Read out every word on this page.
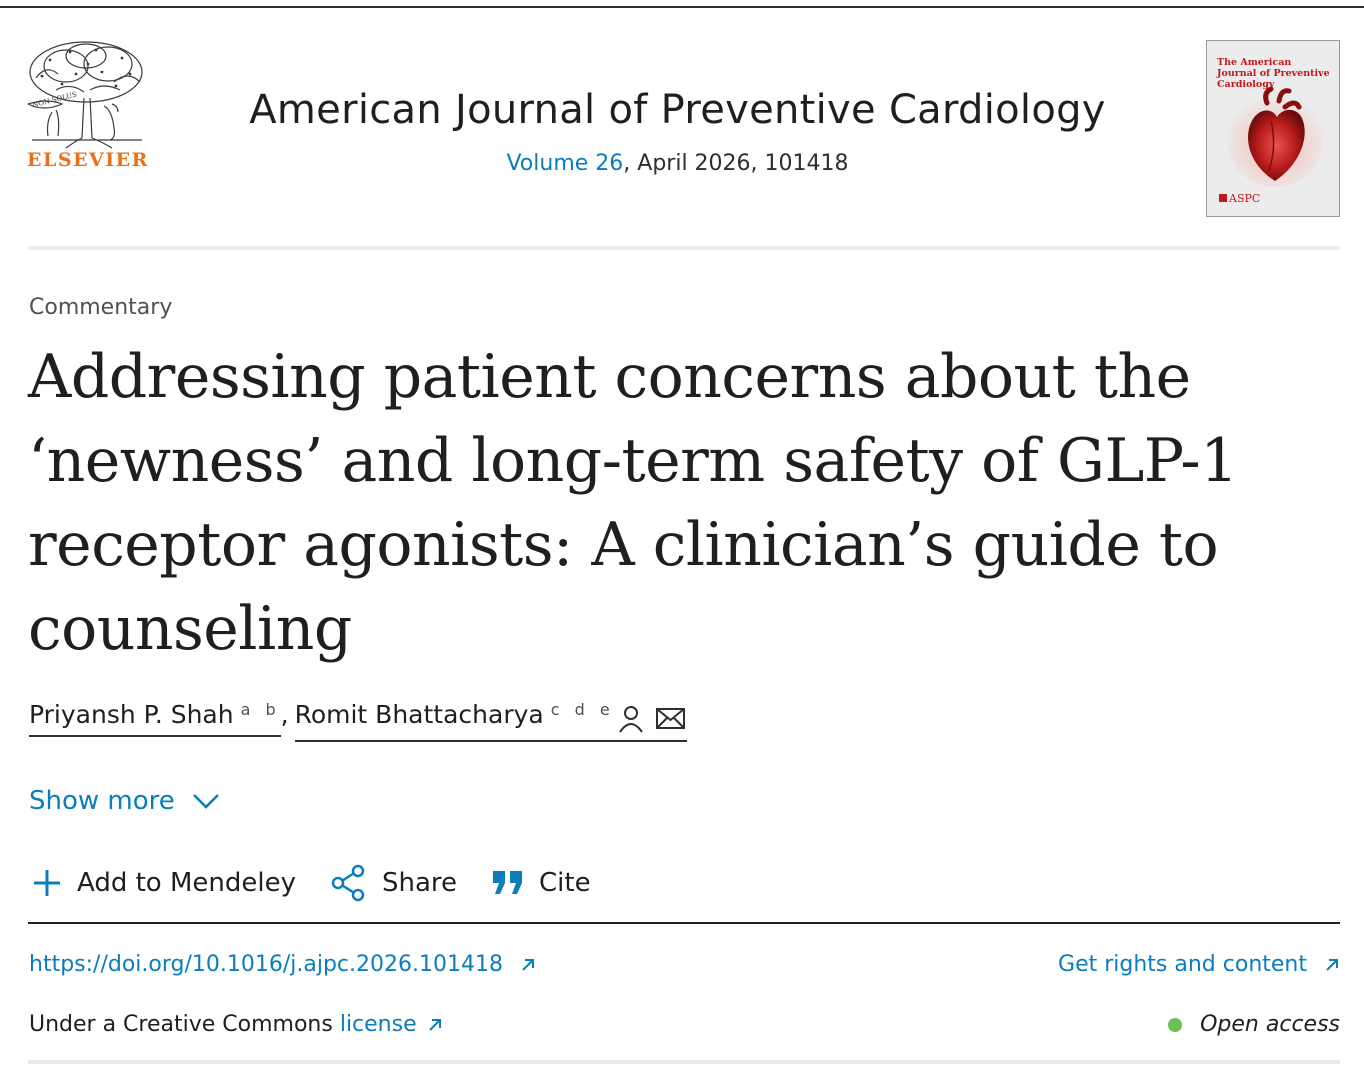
NON SOLUS
ELSEVIER
American Journal of Preventive Cardiology
Volume 26, April 2026, 101418
The American Journal of Preventive Cardiology
ASPC
Commentary
Addressing patient concerns about the ‘newness’ and long-term safety of GLP-1 receptor agonists: A clinician’s guide to counseling
Priyansh P. Shah $^{a b}$ , Romit Bhattacharya $^{c d e}$
Show more
Add to Mendeley	Share	Cite
https://doi.org/10.1016/j.ajpc.2026.101418	Get rights and content
Under a Creative Commons license	Open access
